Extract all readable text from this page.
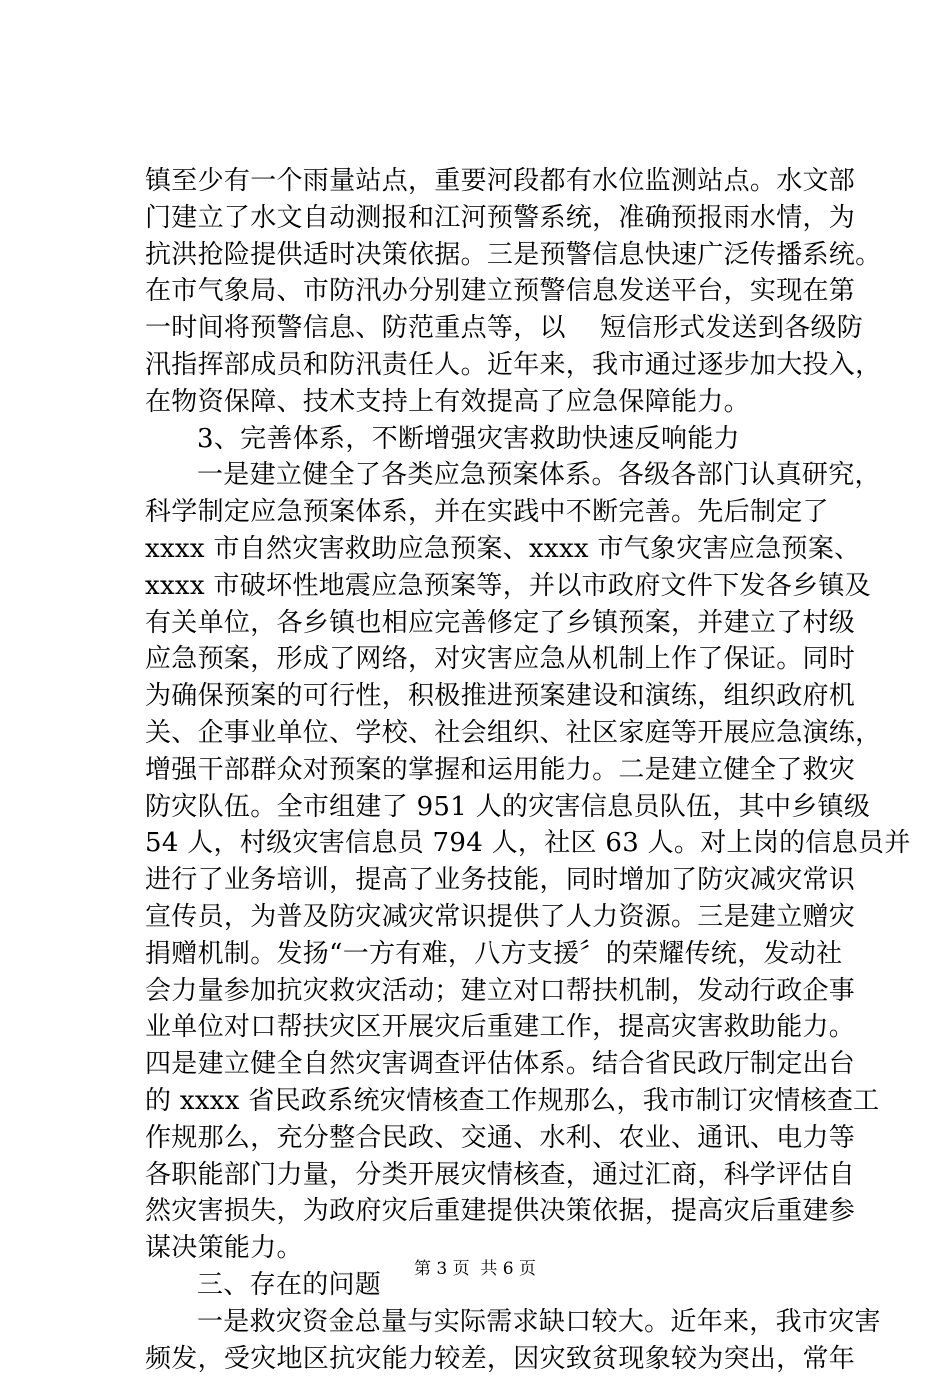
镇至少有一个雨量站点，重要河段都有水位监测站点。水文部
门建立了水文自动测报和江河预警系统，准确预报雨水情，为
抗洪抢险提供适时决策依据。三是预警信息快速广泛传播系统。
在市气象局、市防汛办分别建立预警信息发送平台，实现在第
一时间将预警信息、防范重点等，以    短信形式发送到各级防
汛指挥部成员和防汛责任人。近年来，我市通过逐步加大投入，
在物资保障、技术支持上有效提高了应急保障能力。
3、完善体系，不断增强灾害救助快速反响能力
一是建立健全了各类应急预案体系。各级各部门认真研究，
科学制定应急预案体系，并在实践中不断完善。先后制定了
xxxx 市自然灾害救助应急预案、xxxx 市气象灾害应急预案、
xxxx 市破坏性地震应急预案等，并以市政府文件下发各乡镇及
有关单位，各乡镇也相应完善修定了乡镇预案，并建立了村级
应急预案，形成了网络，对灾害应急从机制上作了保证。同时
为确保预案的可行性，积极推进预案建设和演练，组织政府机
关、企事业单位、学校、社会组织、社区家庭等开展应急演练，
增强干部群众对预案的掌握和运用能力。二是建立健全了救灾
防灾队伍。全市组建了 951 人的灾害信息员队伍，其中乡镇级
54 人，村级灾害信息员 794 人，社区 63 人。对上岗的信息员并
进行了业务培训，提高了业务技能，同时增加了防灾减灾常识
宣传员，为普及防灾减灾常识提供了人力资源。三是建立赠灾
捐赠机制。发扬“一方有难，八方支援〞的荣耀传统，发动社
会力量参加抗灾救灾活动；建立对口帮扶机制，发动行政企事
业单位对口帮扶灾区开展灾后重建工作，提高灾害救助能力。
四是建立健全自然灾害调查评估体系。结合省民政厅制定出台
的 xxxx 省民政系统灾情核查工作规那么，我市制订灾情核查工
作规那么，充分整合民政、交通、水利、农业、通讯、电力等
各职能部门力量，分类开展灾情核查，通过汇商，科学评估自
然灾害损失，为政府灾后重建提供决策依据，提高灾后重建参
谋决策能力。
三、存在的问题
一是救灾资金总量与实际需求缺口较大。近年来，我市灾害
频发，受灾地区抗灾能力较差，因灾致贫现象较为突出，常年
第 3 页  共 6 页
